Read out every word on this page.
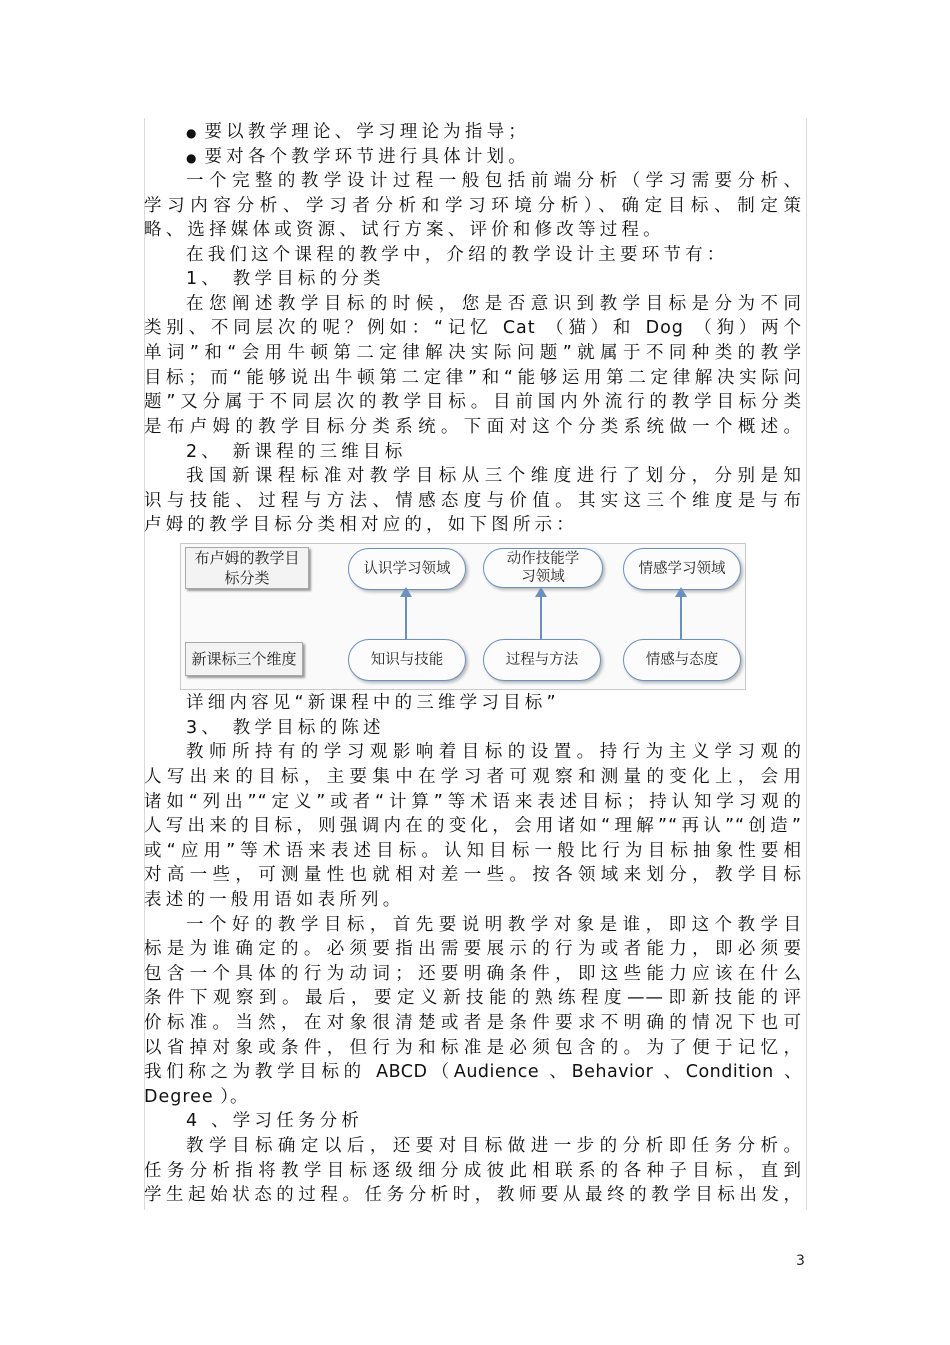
● 要以教学理论、学习理论为指导；
● 要对各个教学环节进行具体计划。
一个完整的教学设计过程一般包括前端分析（学习需要分析、
学习内容分析、学习者分析和学习环境分析）、确定目标、制定策
略、选择媒体或资源、试行方案、评价和修改等过程。
在我们这个课程的教学中，介绍的教学设计主要环节有：
1、 教学目标的分类
在您阐述教学目标的时候，您是否意识到教学目标是分为不同
类别、不同层次的呢？例如：“记忆 Cat （猫）和 Dog （狗）两个
单词”和“会用牛顿第二定律解决实际问题”就属于不同种类的教学
目标；而“能够说出牛顿第二定律”和“能够运用第二定律解决实际问
题”又分属于不同层次的教学目标。目前国内外流行的教学目标分类
是布卢姆的教学目标分类系统。下面对这个分类系统做一个概述。
2、 新课程的三维目标
我国新课程标准对教学目标从三个维度进行了划分，分别是知
识与技能、过程与方法、情感态度与价值。其实这三个维度是与布
卢姆的教学目标分类相对应的，如下图所示：
布卢姆的教学目标分类
新课标三个维度
认识学习领域
动作技能学习领域	情感学习领域
知识与技能	过程与方法	情感与态度
详细内容见“新课程中的三维学习目标”
3、 教学目标的陈述
教师所持有的学习观影响着目标的设置。持行为主义学习观的
人写出来的目标，主要集中在学习者可观察和测量的变化上，会用
诸如“列出”“定义”或者“计算”等术语来表述目标；持认知学习观的
人写出来的目标，则强调内在的变化，会用诸如“理解”“再认”“创造”
或“应用”等术语来表述目标。认知目标一般比行为目标抽象性要相
对高一些，可测量性也就相对差一些。按各领域来划分，教学目标
表述的一般用语如表所列。
一个好的教学目标，首先要说明教学对象是谁，即这个教学目
标是为谁确定的。必须要指出需要展示的行为或者能力，即必须要
包含一个具体的行为动词；还要明确条件，即这些能力应该在什么
条件下观察到。最后，要定义新技能的熟练程度——即新技能的评
价标准。当然，在对象很清楚或者是条件要求不明确的情况下也可
以省掉对象或条件，但行为和标准是必须包含的。为了便于记忆，
我们称之为教学目标的 ABCD（Audience 、Behavior 、Condition 、
Degree ）。
4 、学习任务分析
教学目标确定以后，还要对目标做进一步的分析即任务分析。
任务分析指将教学目标逐级细分成彼此相联系的各种子目标，直到
学生起始状态的过程。任务分析时，教师要从最终的教学目标出发，
3
